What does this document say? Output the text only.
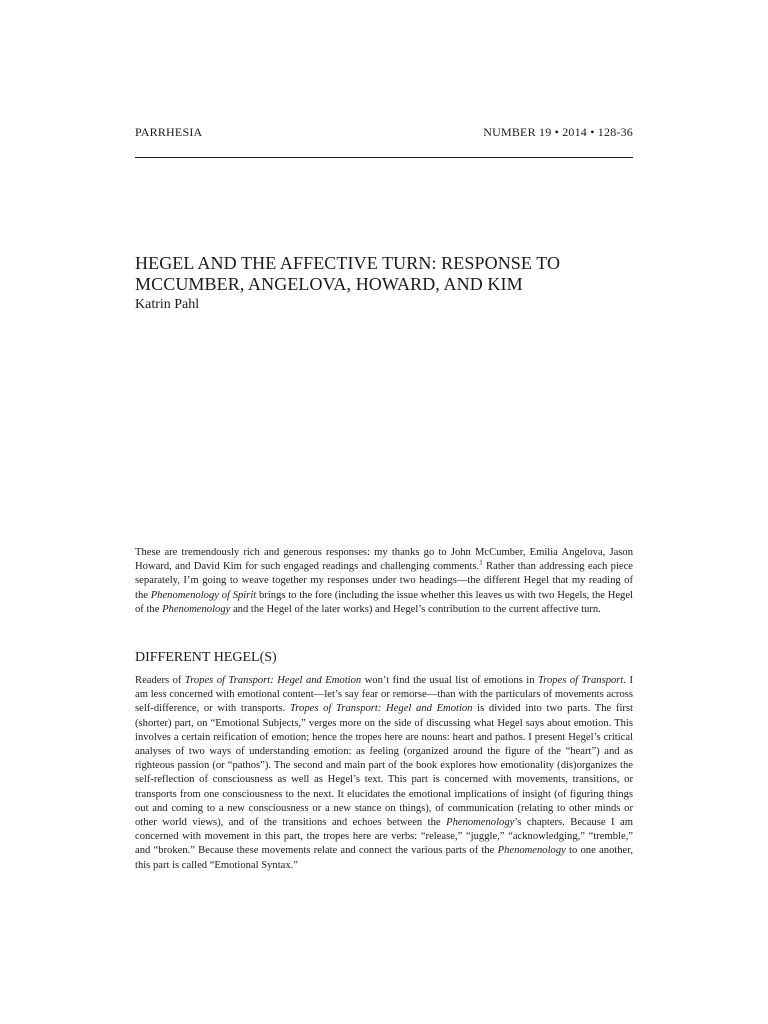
PARRHESIA	NUMBER 19 • 2014 • 128-36
HEGEL AND THE AFFECTIVE TURN: RESPONSE TO MCCUMBER, ANGELOVA, HOWARD, AND KIM
Katrin Pahl

These are tremendously rich and generous responses: my thanks go to John McCumber, Emilia Angelova, Jason Howard, and David Kim for such engaged readings and challenging comments.$^1$ Rather than addressing each piece separately, I’m going to weave together my responses under two headings—the different Hegel that my reading of the Phenomenology of Spirit brings to the fore (including the issue whether this leaves us with two Hegels, the Hegel of the Phenomenology and the Hegel of the later works) and Hegel’s contribution to the current affective turn.

DIFFERENT HEGEL(S)

Readers of Tropes of Transport: Hegel and Emotion won’t find the usual list of emotions in Tropes of Transport. I am less concerned with emotional content—let’s say fear or remorse—than with the particulars of movements across self-difference, or with transports. Tropes of Transport: Hegel and Emotion is divided into two parts. The first (shorter) part, on “Emotional Subjects,” verges more on the side of discussing what Hegel says about emotion. This involves a certain reification of emotion; hence the tropes here are nouns: heart and pathos. I present Hegel’s critical analyses of two ways of understanding emotion: as feeling (organized around the figure of the “heart”) and as righteous passion (or “pathos”). The second and main part of the book explores how emotionality (dis)organizes the self-reflection of consciousness as well as Hegel’s text. This part is concerned with movements, transitions, or transports from one consciousness to the next. It elucidates the emotional implications of insight (of figuring things out and coming to a new consciousness or a new stance on things), of communication (relating to other minds or other world views), and of the transitions and echoes between the Phenomenology’s chapters. Because I am concerned with movement in this part, the tropes here are verbs: “release,” “juggle,” “acknowledging,” “tremble,” and “broken.” Because these movements relate and connect the various parts of the Phenomenology to one another, this part is called “Emotional Syntax.”
